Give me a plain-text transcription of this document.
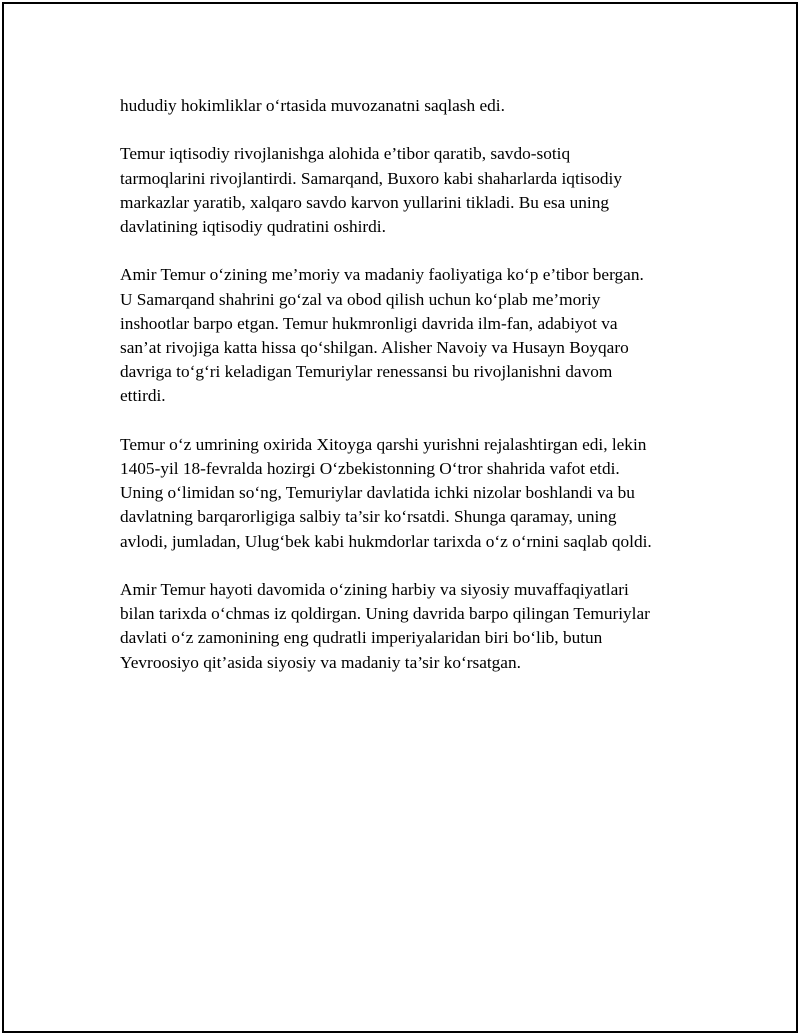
hududiy hokimliklar o‘rtasida muvozanatni saqlash edi.

Temur iqtisodiy rivojlanishga alohida e’tibor qaratib, savdo-sotiq
tarmoqlarini rivojlantirdi. Samarqand, Buxoro kabi shaharlarda iqtisodiy
markazlar yaratib, xalqaro savdo karvon yullarini tikladi. Bu esa uning
davlatining iqtisodiy qudratini oshirdi.

Amir Temur o‘zining me’moriy va madaniy faoliyatiga ko‘p e’tibor bergan.
U Samarqand shahrini go‘zal va obod qilish uchun ko‘plab me’moriy
inshootlar barpo etgan. Temur hukmronligi davrida ilm-fan, adabiyot va
san’at rivojiga katta hissa qo‘shilgan. Alisher Navoiy va Husayn Boyqaro
davriga to‘g‘ri keladigan Temuriylar renessansi bu rivojlanishni davom
ettirdi.

Temur o‘z umrining oxirida Xitoyga qarshi yurishni rejalashtirgan edi, lekin
1405-yil 18-fevralda hozirgi O‘zbekistonning O‘tror shahrida vafot etdi.
Uning o‘limidan so‘ng, Temuriylar davlatida ichki nizolar boshlandi va bu
davlatning barqarorligiga salbiy ta’sir ko‘rsatdi. Shunga qaramay, uning
avlodi, jumladan, Ulug‘bek kabi hukmdorlar tarixda o‘z o‘rnini saqlab qoldi.

Amir Temur hayoti davomida o‘zining harbiy va siyosiy muvaffaqiyatlari
bilan tarixda o‘chmas iz qoldirgan. Uning davrida barpo qilingan Temuriylar
davlati o‘z zamonining eng qudratli imperiyalaridan biri bo‘lib, butun
Yevroosiyo qit’asida siyosiy va madaniy ta’sir ko‘rsatgan.
